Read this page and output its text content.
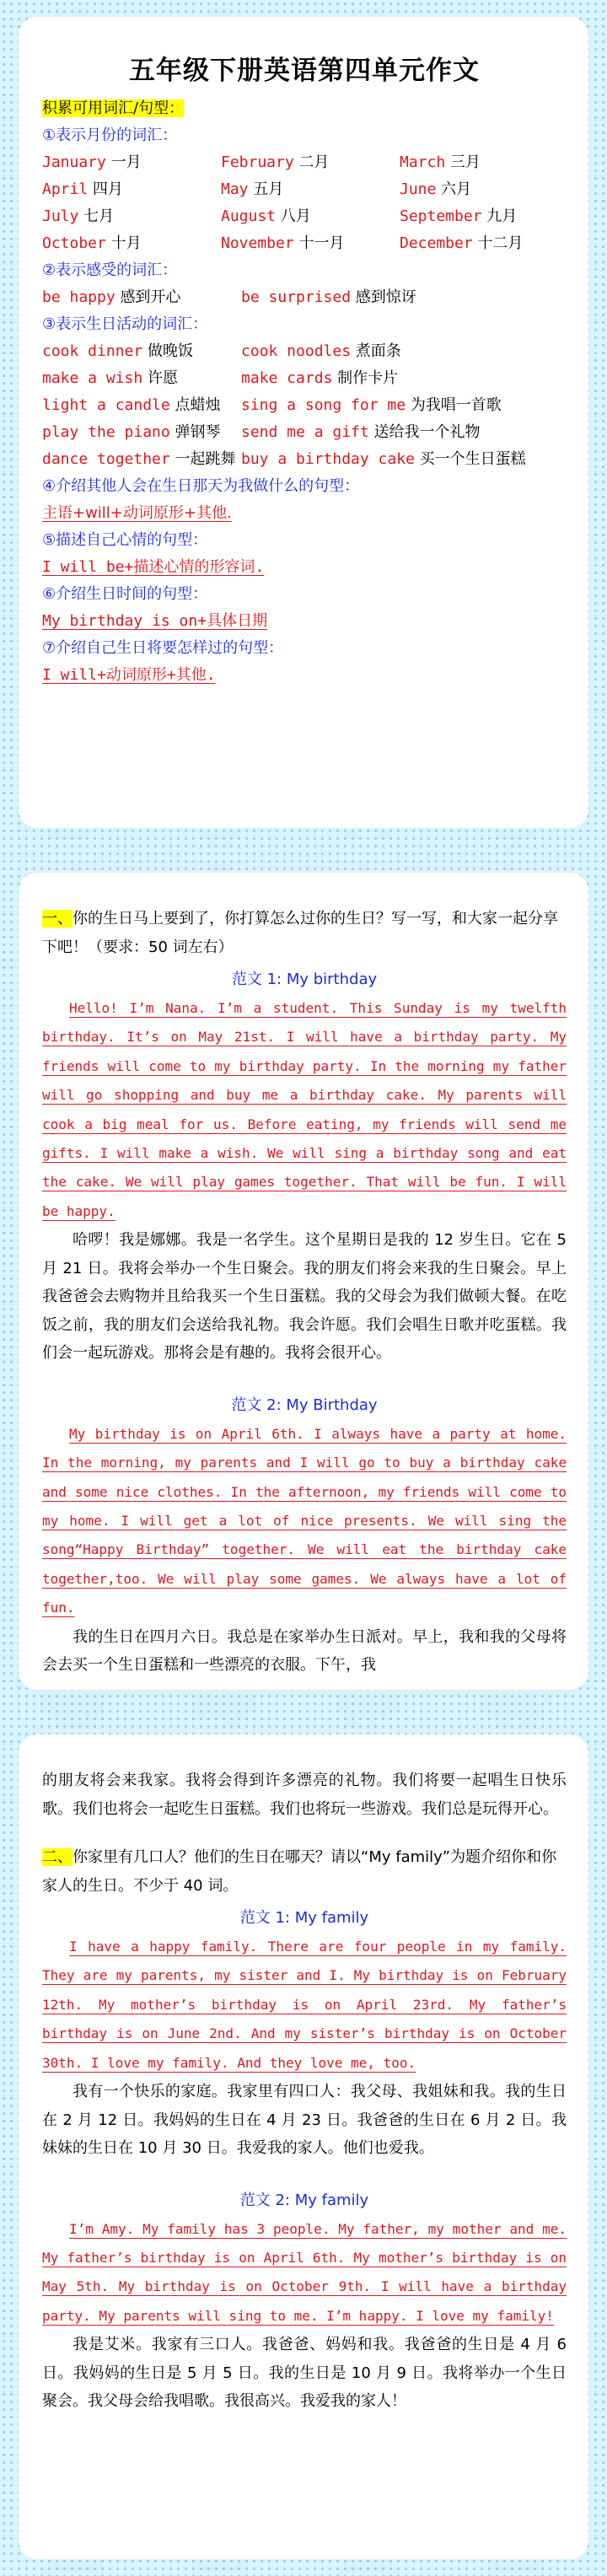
五年级下册英语第四单元作文
积累可用词汇/句型：
①表示月份的词汇：
January 一月	February 二月	March 三月
April 四月	May 五月	June 六月
July 七月	August 八月	September 九月
October 十月	November 十一月	December 十二月
②表示感受的词汇：
be happy 感到开心	be surprised 感到惊讶
③表示生日活动的词汇：
cook dinner 做晚饭	cook noodles 煮面条
make a wish 许愿	make cards 制作卡片
light a candle 点蜡烛	sing a song for me 为我唱一首歌
play the piano 弹钢琴	send me a gift 送给我一个礼物
dance together 一起跳舞 buy a birthday cake 买一个生日蛋糕
④介绍其他人会在生日那天为我做什么的句型：
主语+will+动词原形+其他.
⑤描述自己心情的句型：
I will be+描述心情的形容词.
⑥介绍生日时间的句型：
My birthday is on+具体日期
⑦介绍自己生日将要怎样过的句型：
I will+动词原形+其他.
一、你的生日马上要到了，你打算怎么过你的生日？写一写，和大家一起分享下吧！（要求：50 词左右）
范文 1: My birthday

Hello! I’m Nana. I’m a student. This Sunday is my twelfth birthday. It’s on May 21st. I will have a birthday party. My friends will come to my birthday party. In the morning my father will go shopping and buy me a birthday cake. My parents will cook a big meal for us. Before eating, my friends will send me gifts. I will make a wish. We will sing a birthday song and eat the cake. We will play games together. That will be fun. I will be happy.

哈啰！我是娜娜。我是一名学生。这个星期日是我的 12 岁生日。它在 5 月 21 日。我将会举办一个生日聚会。我的朋友们将会来我的生日聚会。早上我爸爸会去购物并且给我买一个生日蛋糕。我的父母会为我们做顿大餐。在吃饭之前，我的朋友们会送给我礼物。我会许愿。我们会唱生日歌并吃蛋糕。我们会一起玩游戏。那将会是有趣的。我将会很开心。

范文 2: My Birthday

My birthday is on April 6th. I always have a party at home. In the morning, my parents and I will go to buy a birthday cake and some nice clothes. In the afternoon, my friends will come to my home. I will get a lot of nice presents. We will sing the song“Happy Birthday” together. We will eat the birthday cake together,too. We will play some games. We always have a lot of fun.

我的生日在四月六日。我总是在家举办生日派对。早上，我和我的父母将会去买一个生日蛋糕和一些漂亮的衣服。下午，我

的朋友将会来我家。我将会得到许多漂亮的礼物。我们将要一起唱生日快乐歌。我们也将会一起吃生日蛋糕。我们也将玩一些游戏。我们总是玩得开心。

二、你家里有几口人？他们的生日在哪天？请以“My family”为题介绍你和你家人的生日。不少于 40 词。
范文 1: My family

I have a happy family. There are four people in my family. They are my parents, my sister and I. My birthday is on February 12th. My mother’s birthday is on April 23rd. My father’s birthday is on June 2nd. And my sister’s birthday is on October 30th. I love my family. And they love me, too.

我有一个快乐的家庭。我家里有四口人：我父母、我姐妹和我。我的生日在 2 月 12 日。我妈妈的生日在 4 月 23 日。我爸爸的生日在 6 月 2 日。我妹妹的生日在 10 月 30 日。我爱我的家人。他们也爱我。

范文 2: My family

I’m Amy. My family has 3 people. My father, my mother and me. My father’s birthday is on April 6th. My mother’s birthday is on May 5th. My birthday is on October 9th. I will have a birthday party. My parents will sing to me. I’m happy. I love my family!

我是艾米。我家有三口人。我爸爸、妈妈和我。我爸爸的生日是 4 月 6 日。我妈妈的生日是 5 月 5 日。我的生日是 10 月 9 日。我将举办一个生日聚会。我父母会给我唱歌。我很高兴。我爱我的家人！
